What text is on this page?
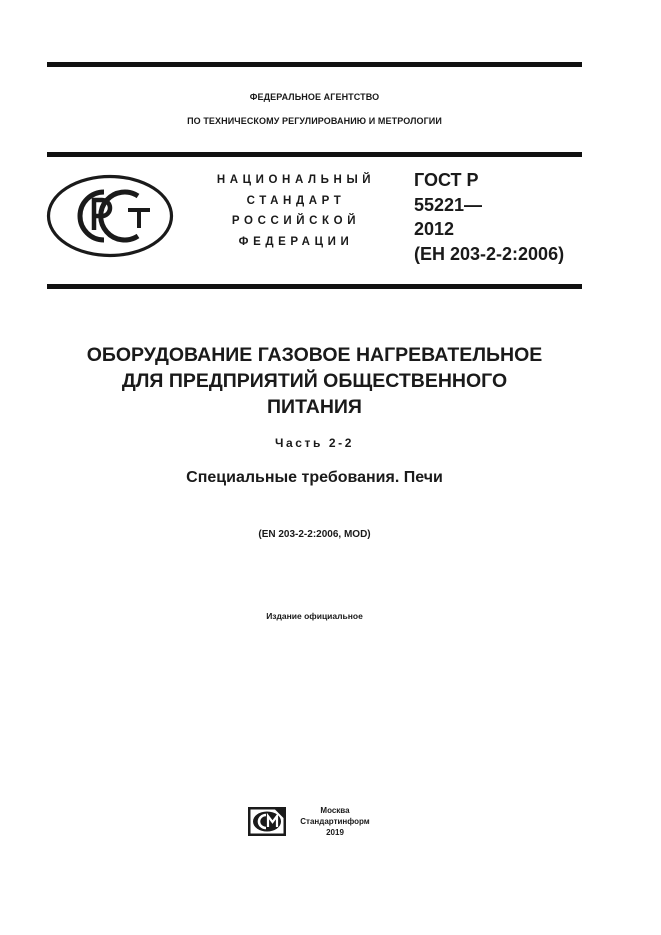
ФЕДЕРАЛЬНОЕ АГЕНТСТВО
ПО ТЕХНИЧЕСКОМУ РЕГУЛИРОВАНИЮ И МЕТРОЛОГИИ
НАЦИОНАЛЬНЫЙ
СТАНДАРТ
РОССИЙСКОЙ
ФЕДЕРАЦИИ
ГОСТ Р
55221—
2012
(ЕН 203-2-2:2006)
ОБОРУДОВАНИЕ ГАЗОВОЕ НАГРЕВАТЕЛЬНОЕ
ДЛЯ ПРЕДПРИЯТИЙ ОБЩЕСТВЕННОГО
ПИТАНИЯ
Часть 2-2
Специальные требования. Печи
(EN 203-2-2:2006, MOD)
Издание официальное
Москва
Стандартинформ
2019
